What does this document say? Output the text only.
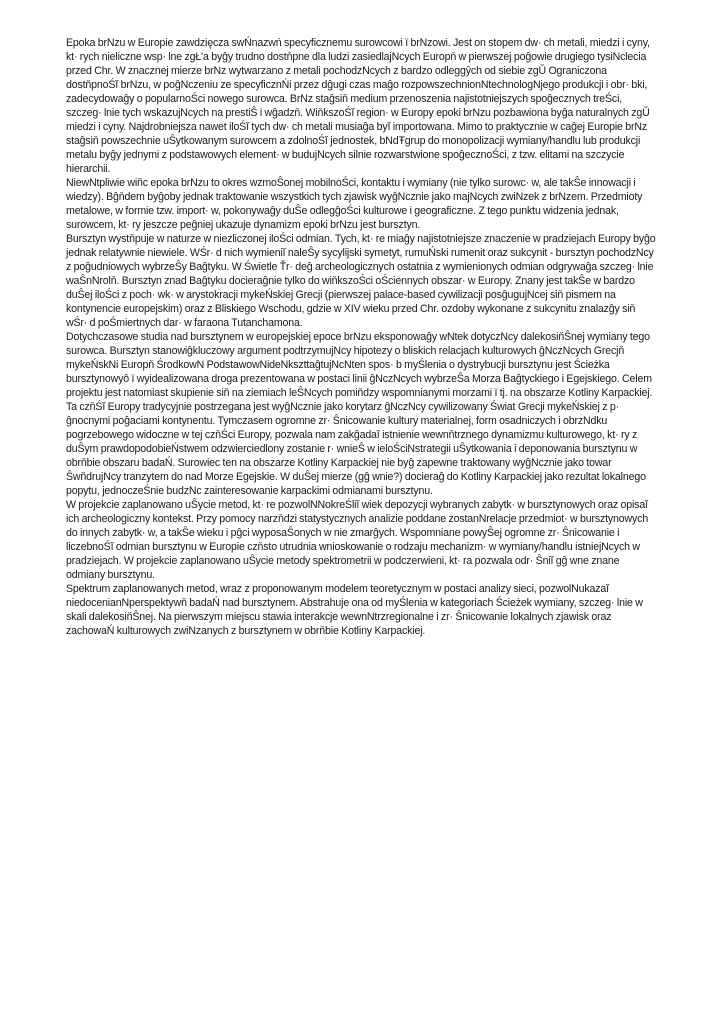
Epoka brNzu w Europie zawdzięcza swŃnazwń specyficznemu surowcowi ï brNzowi. Jest on stopem dw· ch metali, miedzi i cyny, kt· rych nieliczne wsp· lne zgŁ'a byĝy trudno dostňpne dla ludzi zasiedlajNcych Europň w pierwszej poĝowie drugiego tysiNclecia przed Chr. W znacznej mierze brNz wytwarzano z metali pochodzNcych z bardzo odleggŷch od siebie zgŬ Ograniczona dostňpnoŚĭ brNzu, w poĝNczeniu ze specyficznŃi przez dĝugi czas maĝo rozpowszechnionNtechnologNjego produkcji i obr· bki, zadecydowaĝy o popularnoŚci nowego surowca. BrNz staĝsiň medium przenoszenia najistotniejszych spoĝecznych treŚci, szczeg· lnie tych wskazujNcych na prestiŜ i wĝadzň. WiňkszoŚĭ region· w Europy epoki brNzu pozbawiona byĝa naturalnych zgŬ miedzi i cyny. Najdrobniejsza nawet iloŚĭ tych dw· ch metali musiaĝa byĭ importowana. Mimo to praktycznie w caĝej Europie brNz staĝsiň powszechnie uŜytkowanym surowcem a zdolnoŚĭ jednostek, bNdŦgrup do monopolizacji wymiany/handlu lub produkcji metalu byĝy jednymi z podstawowych element· w budujNcych silnie rozwarstwione spoĝecznoŚci, z tzw. elitami na szczycie hierarchii.

NiewNtpliwie wiňc epoka brNzu to okres wzmoŜonej mobilnoŚci, kontaktu i wymiany (nie tylko surowc· w, ale takŜe innowacji i wiedzy). Bĝňdem byĝoby jednak traktowanie wszystkich tych zjawisk wyĝNcznie jako majNcych zwiNzek z brNzem. Przedmioty metalowe, w formie tzw. import· w, pokonywaĝy duŜe odlegĝoŚci kulturowe i geograficzne. Z tego punktu widzenia jednak, surowcem, kt· ry jeszcze peĝniej ukazuje dynamizm epoki brNzu jest bursztyn.

Bursztyn wystňpuje w naturze w niezliczonej iloŚci odmian. Tych, kt· re miaĝy najistotniejsze znaczenie w pradziejach Europy byĝo jednak relatywnie niewiele. WŚr· d nich wymieniĭ naleŜy sycylijski symetyt, rumuŃski rumenit oraz sukcynit - bursztyn pochodzNcy z poĝudniowych wybrzeŜy Baĝtyku. W Świetle Ťr· deĝ archeologicznych ostatnia z wymienionych odmian odgrywaĝa szczeg· lnie waŜnNrolň. Bursztyn znad Baĝtyku docieraĝnie tylko do wiňkszoŚci oŚciennych obszar· w Europy. Znany jest takŜe w bardzo duŜej iloŚci z poch· wk· w arystokracji mykeŃskiej Grecji (pierwszej palace-based cywilizacji posĝugujNcej siň pismem na kontynencie europejskim) oraz z Bliskiego Wschodu, gdzie w XIV wieku przed Chr. ozdoby wykonane z sukcynitu znalazĝy siň wŚr· d poŚmiertnych dar· w faraona Tutanchamona.

Dotychczasowe studia nad bursztynem w europejskiej epoce brNzu eksponowaĝy wNtek dotyczNcy dalekosiňŜnej wymiany tego surowca. Bursztyn stanowiĝkluczowy argument podtrzymujNcy hipotezy o bliskich relacjach kulturowych ĝNczNcych Grecjň mykeŃskNi Europň ŚrodkowN PodstawowNideNkszttaĝtujNcNten spos· b myŚlenia o dystrybucji bursztynu jest Ścieżka bursztynowyô ï wyidealizowana droga prezentowana w postaci linii ĝNczNcych wybrzeŜa Morza Baĝtyckiego i Egejskiego. Celem projektu jest natomiast skupienie siň na ziemiach leŜNcych pomiňdzy wspomnianymi morzami ï tj. na obszarze Kotliny Karpackiej. Ta czňŚĭ Europy tradycyjnie postrzegana jest wyĝNcznie jako korytarz ĝNczNcy cywilizowany Świat Grecji mykeŃskiej z p· ĝnocnymi poĝaciami kontynentu. Tymczasem ogromne zr· Ŝnicowanie kultury materialnej, form osadniczych i obrzNdku pogrzebowego widoczne w tej czňŚci Europy, pozwala nam zakĝadaĭ istnienie wewnňtrznego dynamizmu kulturowego, kt· ry z duŜym prawdopodobieŃstwem odzwierciedlony zostanie r· wnieŜ w ieloŚciNstrategii uŜytkowania i deponowania bursztynu w obrňbie obszaru badaŃ. Surowiec ten na obszarze Kotliny Karpackiej nie byĝ zapewne traktowany wyĝNcznie jako towar ŜwňdrujNcy tranzytem do nad Morze Egejskie. W duŜej mierze (gĝ wnie?) docieraĝ do Kotliny Karpackiej jako rezultat lokalnego popytu, jednoczeŚnie budzNc zainteresowanie karpackimi odmianami bursztynu.

W projekcie zaplanowano uŜycie metod, kt· re pozwolNNokreŚliĭ wiek depozycji wybranych zabytk· w bursztynowych oraz opisaĭ ich archeologiczny kontekst. Przy pomocy narzňdzi statystycznych analizie poddane zostanNrelacje przedmiot· w bursztynowych do innych zabytk· w, a takŜe wieku i pĝci wyposaŜonych w nie zmarĝych. Wspomniane powyŜej ogromne zr· Ŝnicowanie i liczebnoŚĭ odmian bursztynu w Europie czňsto utrudnia wnioskowanie o rodzaju mechanizm· w wymiany/handlu istniejNcych w pradziejach. W projekcie zaplanowano uŜycie metody spektrometrii w podczerwieni, kt· ra pozwala odr· Ŝniĭ gĝ wne znane odmiany bursztynu.

Spektrum zaplanowanych metod, wraz z proponowanym modelem teoretycznym w postaci analizy sieci, pozwolNukazaĭ niedocenianNperspektywň badaŃ nad bursztynem. Abstrahuje ona od myŚlenia w kategoriach Ścieżek wymiany, szczeg· lnie w skali dalekosiňŜnej. Na pierwszym miejscu stawia interakcje wewnNtrzregionalne i zr· Ŝnicowanie lokalnych zjawisk oraz zachowaŃ kulturowych zwiNzanych z bursztynem w obrňbie Kotliny Karpackiej.
